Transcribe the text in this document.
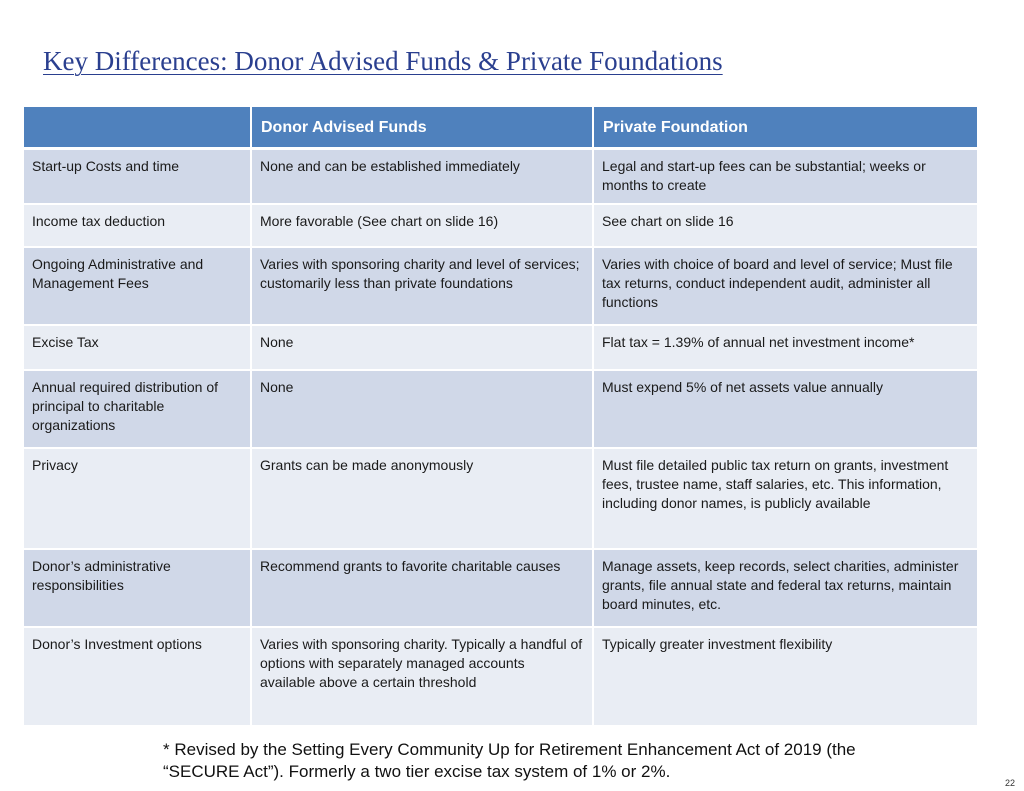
Key Differences: Donor Advised Funds & Private Foundations
	Donor Advised Funds	Private Foundation
Start-up Costs and time	None and can be established immediately	Legal and start-up fees can be substantial; weeks or months to create
Income tax deduction	More favorable (See chart on slide 16)	See chart on slide 16
Ongoing Administrative and Management Fees	Varies with sponsoring charity and level of services; customarily less than private foundations	Varies with choice of board and level of service; Must file tax returns, conduct independent audit, administer all functions
Excise Tax	None	Flat tax = 1.39% of annual net investment income*
Annual required distribution of principal to charitable organizations	None	Must expend 5% of net assets value annually
Privacy	Grants can be made anonymously	Must file detailed public tax return on grants, investment fees, trustee name, staff salaries, etc. This information, including donor names, is publicly available
Donor’s administrative responsibilities	Recommend grants to favorite charitable causes	Manage assets, keep records, select charities, administer grants, file annual state and federal tax returns, maintain board minutes, etc.
Donor’s Investment options	Varies with sponsoring charity. Typically a handful of options with separately managed accounts available above a certain threshold	Typically greater investment flexibility
* Revised by the Setting Every Community Up for Retirement Enhancement Act of 2019 (the “SECURE Act”). Formerly a two tier excise tax system of 1% or 2%.
22
